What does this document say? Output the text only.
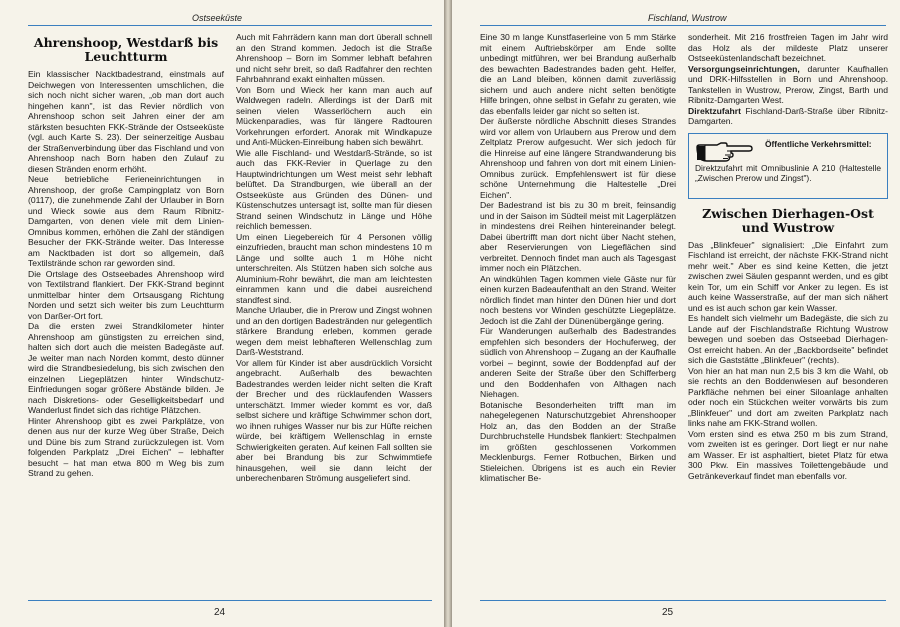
Ostseeküste
Ahrenshoop, Westdarß bis Leuchtturm

Ein klassischer Nacktbadestrand, einstmals auf Deichwegen von Interessenten umschlichen, die sich noch nicht sicher waren, „ob man dort auch hingehen kann", ist das Revier nördlich von Ahrenshoop schon seit Jahren einer der am stärksten besuchten FKK-Strände der Ostseeküste (vgl. auch Karte S. 23). Der seinerzeitige Ausbau der Straßenverbindung über das Fischland und von Ahrenshoop nach Born haben den Zulauf zu diesen Stränden enorm erhöht.

Neue betriebliche Ferieneinrichtungen in Ahrenshoop, der große Campingplatz von Born (0117), die zunehmende Zahl der Urlauber in Born und Wieck sowie aus dem Raum Ribnitz-Damgarten, von denen viele mit dem Linien-Omnibus kommen, erhöhen die Zahl der ständigen Besucher der FKK-Strände weiter. Das Interesse am Nacktbaden ist dort so allgemein, daß Textilstrände schon rar geworden sind.

Die Ortslage des Ostseebades Ahrenshoop wird von Textilstrand flankiert. Der FKK-Strand beginnt unmittelbar hinter dem Ortsausgang Richtung Norden und setzt sich weiter bis zum Leuchtturm von Darßer-Ort fort.

Da die ersten zwei Strandkilometer hinter Ahrenshoop am günstigsten zu erreichen sind, halten sich dort auch die meisten Badegäste auf. Je weiter man nach Norden kommt, desto dünner wird die Strandbesiedelung, bis sich zwischen den einzelnen Liegeplätzen hinter Windschutz-Einfriedungen sogar größere Abstände bilden. Je nach Diskretions- oder Geselligkeitsbedarf und Wanderlust findet sich das richtige Plätzchen.

Hinter Ahrenshoop gibt es zwei Parkplätze, von denen aus nur der kurze Weg über Straße, Deich und Düne bis zum Strand zurückzulegen ist. Vom folgenden Parkplatz „Drei Eichen" – lebhafter besucht – hat man etwa 800 m Weg bis zum Strand zu gehen.

Auch mit Fahrrädern kann man dort überall schnell an den Strand kommen. Jedoch ist die Straße Ahrenshoop – Born im Sommer lebhaft befahren und nicht sehr breit, so daß Radfahrer den rechten Fahrbahnrand exakt einhalten müssen.

Von Born und Wieck her kann man auch auf Waldwegen radeln. Allerdings ist der Darß mit seinen vielen Wasserlöchern auch ein Mückenparadies, was für längere Radtouren Vorkehrungen erfordert. Anorak mit Windkapuze und Anti-Mücken-Einreibung haben sich bewährt.

Wie alle Fischland- und Westdarß-Strände, so ist auch das FKK-Revier in Querlage zu den Hauptwindrichtungen um West meist sehr lebhaft belüftet. Da Strandburgen, wie überall an der Ostseeküste aus Gründen des Dünen- und Küstenschutzes untersagt ist, sollte man für diesen Strand seinen Windschutz in Länge und Höhe reichlich bemessen.

Um einen Liegebereich für 4 Personen völlig einzufrieden, braucht man schon mindestens 10 m Länge und sollte auch 1 m Höhe nicht unterschreiten. Als Stützen haben sich solche aus Aluminium-Rohr bewährt, die man am leichtesten einrammen kann und die dabei ausreichend standfest sind.

Manche Urlauber, die in Prerow und Zingst wohnen und an den dortigen Badestränden nur gelegentlich stärkere Brandung erleben, kommen gerade wegen dem meist lebhafteren Wellenschlag zum Darß-Weststrand.

Vor allem für Kinder ist aber ausdrücklich Vorsicht angebracht. Außerhalb des bewachten Badestrandes werden leider nicht selten die Kraft der Brecher und des rücklaufenden Wassers unterschätzt. Immer wieder kommt es vor, daß selbst sichere und kräftige Schwimmer schon dort, wo ihnen ruhiges Wasser nur bis zur Hüfte reichen würde, bei kräftigem Wellenschlag in ernste Schwierigkeiten geraten. Auf keinen Fall sollten sie aber bei Brandung bis zur Schwimmtiefe hinausgehen, weil sie dann leicht der unberechenbaren Strömung ausgeliefert sind.

24
Fischland, Wustrow

Eine 30 m lange Kunstfaserleine von 5 mm Stärke mit einem Auftriebskörper am Ende sollte unbedingt mitführen, wer bei Brandung außerhalb des bewachten Badestrandes baden geht. Helfer, die an Land bleiben, können damit zuverlässig sichern und auch andere nicht selten benötigte Hilfe bringen, ohne selbst in Gefahr zu geraten, wie das ebenfalls leider gar nicht so selten ist.

Der äußerste nördliche Abschnitt dieses Strandes wird vor allem von Urlaubern aus Prerow und dem Zeltplatz Prerow aufgesucht. Wer sich jedoch für die Hinreise auf eine längere Strandwanderung bis Ahrenshoop und fahren von dort mit einem Linien-Omnibus zurück. Empfehlenswert ist für diese schöne Unternehmung die Haltestelle „Drei Eichen".

Der Badestrand ist bis zu 30 m breit, feinsandig und in der Saison im Südteil meist mit Lagerplätzen in mindestens drei Reihen hintereinander belegt. Dabei übertrifft man dort nicht über Nacht stehen, aber Reservierungen von Liegeflächen sind verbreitet. Dennoch findet man auch als Tagesgast immer noch ein Plätzchen.

An windkühlen Tagen kommen viele Gäste nur für einen kurzen Badeaufenthalt an den Strand. Weiter nördlich findet man hinter den Dünen hier und dort noch bestens vor Winden geschützte Liegeplätze. Jedoch ist die Zahl der Dünenübergänge gering.

Für Wanderungen außerhalb des Badestrandes empfehlen sich besonders der Hochuferweg, der südlich von Ahrenshoop – Zugang an der Kaufhalle vorbei – beginnt, sowie der Boddenpfad auf der anderen Seite der Straße über den Schifferberg und den Boddenhafen von Althagen nach Niehagen.

Botanische Besonderheiten trifft man im nahegelegenen Naturschutzgebiet Ahrenshooper Holz an, das den Bodden an der Straße Durchbruchstelle Hundsbek flankiert: Stechpalmen im größten geschlossenen Vorkommen Mecklenburgs. Ferner Rotbuchen, Birken und Stieleichen. Übrigens ist es auch ein Revier klimatischer Be-

sonderheit. Mit 216 frostfreien Tagen im Jahr wird das Holz als der mildeste Platz unserer Ostseeküstenlandschaft bezeichnet.

Versorgungseinrichtungen, darunter Kaufhallen und DRK-Hilfsstellen in Born und Ahrenshoop. Tankstellen in Wustrow, Prerow, Zingst, Barth und Ribnitz-Damgarten West.

Direktzufahrt Fischland-Darß-Straße über Ribnitz-Damgarten.

Öffentliche Verkehrsmittel:
Direktzufahrt mit Omnibuslinie A 210 (Haltestelle „Zwischen Prerow und Zingst").
Zwischen Dierhagen-Ost und Wustrow

Das „Blinkfeuer" signalisiert: „Die Einfahrt zum Fischland ist erreicht, der nächste FKK-Strand nicht mehr weit." Aber es sind keine Ketten, die jetzt zwischen zwei Säulen gespannt werden, und es gibt kein Tor, um ein Schiff vor Anker zu legen. Es ist auch keine Wasserstraße, auf der man sich nähert und es ist auch schon gar kein Wasser.

Es handelt sich vielmehr um Badegäste, die sich zu Lande auf der Fischlandstraße Richtung Wustrow bewegen und soeben das Ostseebad Dierhagen-Ost erreicht haben. An der „Backbordseite" befindet sich die Gaststätte „Blinkfeuer" (rechts).

Von hier an hat man nun 2,5 bis 3 km die Wahl, ob sie rechts an den Boddenwiesen auf besonderen Parkfläche nehmen bei einer Siloanlage anhalten oder noch ein Stückchen weiter vorwärts bis zum „Blinkfeuer" und dort am zweiten Parkplatz nach links nahe am FKK-Strand wollen.

Vom ersten sind es etwa 250 m bis zum Strand, vom zweiten ist es geringer. Dort liegt er nur nahe am Wasser. Er ist asphaltiert, bietet Platz für etwa 300 Pkw. Ein massives Toilettengebäude und Getränkeverkauf findet man ebenfalls vor.

25
